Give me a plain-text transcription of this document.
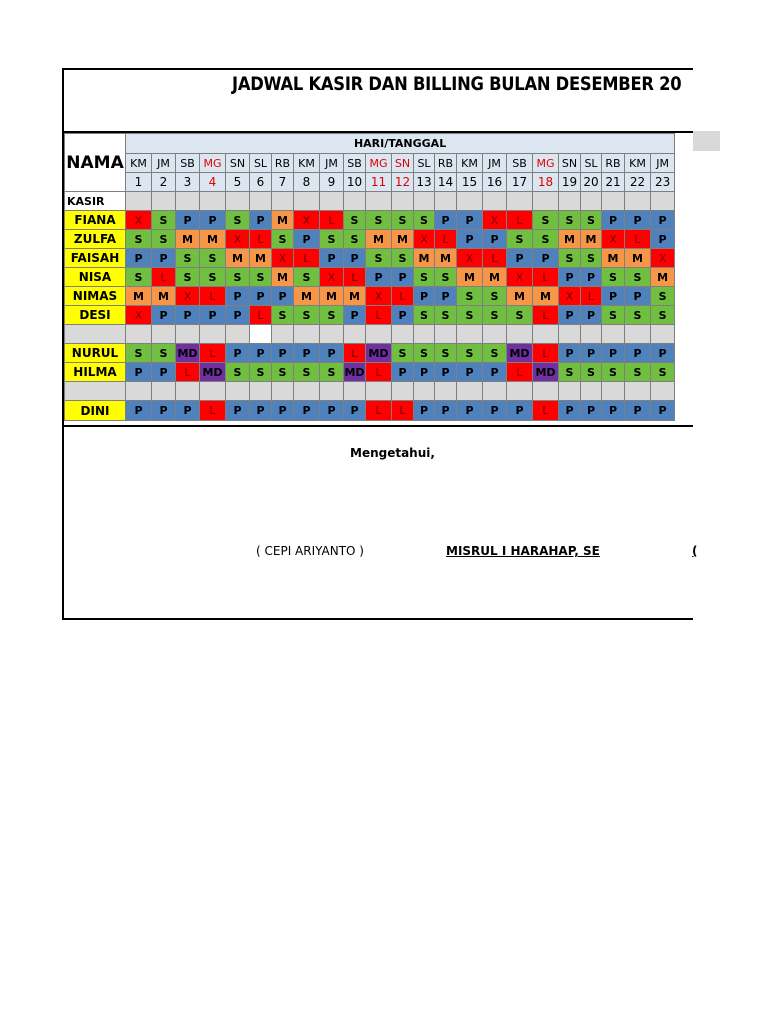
JADWAL KASIR DAN BILLING BULAN DESEMBER 20
NAMA	HARI/TANGGAL																						
	KM	JM	SB	MG	SN	SL	RB	KM	JM	SB	MG	SN	SL	RB	KM	JM	SB	MG	SN	SL	RB	KM	JM
	1	2	3	4	5	6	7	8	9	10	11	12	13	14	15	16	17	18	19	20	21	22	23
KASIR																							
FIANA	X	S	P	P	S	P	M	X	L	S	S	S	S	P	P	X	L	S	S	S	P	P	P
ZULFA	S	S	M	M	X	L	S	P	S	S	M	M	X	L	P	P	S	S	M	M	X	L	P
FAISAH	P	P	S	S	M	M	X	L	P	P	S	S	M	M	X	L	P	P	S	S	M	M	X
NISA	S	L	S	S	S	S	M	S	X	L	P	P	S	S	M	M	X	L	P	P	S	S	M
NIMAS	M	M	X	L	P	P	P	M	M	M	X	L	P	P	S	S	M	M	X	L	P	P	S
DESI	X	P	P	P	P	L	S	S	S	P	L	P	S	S	S	S	S	L	P	P	S	S	S

NURUL	S	S	MD	L	P	P	P	P	P	L	MD	S	S	S	S	S	MD	L	P	P	P	P	P
HILMA	P	P	L	MD	S	S	S	S	S	MD	L	P	P	P	P	P	L	MD	S	S	S	S	S

DINI	P	P	P	L	P	P	P	P	P	P	L	L	P	P	P	P	P	L	P	P	P	P	P
Mengetahui,
( CEPI ARIYANTO )	MISRUL I HARAHAP, SE	(
